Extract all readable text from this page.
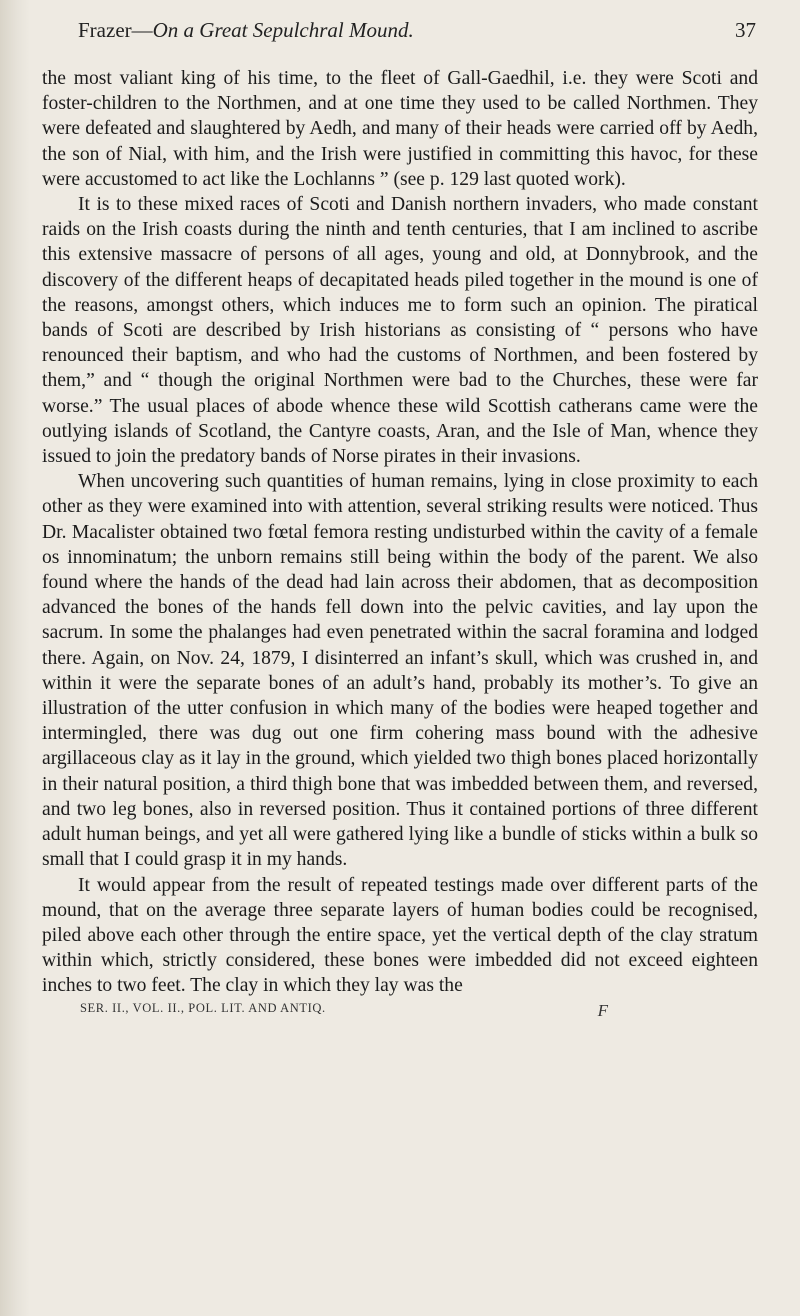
Frazer—On a Great Sepulchral Mound.	37

the most valiant king of his time, to the fleet of Gall-Gaedhil, i.e. they were Scoti and foster-children to the Northmen, and at one time they used to be called Northmen. They were defeated and slaughtered by Aedh, and many of their heads were carried off by Aedh, the son of Nial, with him, and the Irish were justified in committing this havoc, for these were accustomed to act like the Lochlanns ” (see p. 129 last quoted work).

It is to these mixed races of Scoti and Danish northern invaders, who made constant raids on the Irish coasts during the ninth and tenth centuries, that I am inclined to ascribe this extensive massacre of persons of all ages, young and old, at Donnybrook, and the discovery of the different heaps of decapitated heads piled together in the mound is one of the reasons, amongst others, which induces me to form such an opinion. The piratical bands of Scoti are described by Irish historians as consisting of “ persons who have renounced their baptism, and who had the customs of Northmen, and been fostered by them,” and “ though the original Northmen were bad to the Churches, these were far worse.” The usual places of abode whence these wild Scottish catherans came were the outlying islands of Scotland, the Cantyre coasts, Aran, and the Isle of Man, whence they issued to join the predatory bands of Norse pirates in their invasions.

When uncovering such quantities of human remains, lying in close proximity to each other as they were examined into with attention, several striking results were noticed. Thus Dr. Macalister obtained two fœtal femora resting undisturbed within the cavity of a female os innominatum; the unborn remains still being within the body of the parent. We also found where the hands of the dead had lain across their abdomen, that as decomposition advanced the bones of the hands fell down into the pelvic cavities, and lay upon the sacrum. In some the phalanges had even penetrated within the sacral foramina and lodged there. Again, on Nov. 24, 1879, I disinterred an infant’s skull, which was crushed in, and within it were the separate bones of an adult’s hand, probably its mother’s. To give an illustration of the utter confusion in which many of the bodies were heaped together and intermingled, there was dug out one firm cohering mass bound with the adhesive argillaceous clay as it lay in the ground, which yielded two thigh bones placed horizontally in their natural position, a third thigh bone that was imbedded between them, and reversed, and two leg bones, also in reversed position. Thus it contained portions of three different adult human beings, and yet all were gathered lying like a bundle of sticks within a bulk so small that I could grasp it in my hands.

It would appear from the result of repeated testings made over different parts of the mound, that on the average three separate layers of human bodies could be recognised, piled above each other through the entire space, yet the vertical depth of the clay stratum within which, strictly considered, these bones were imbedded did not exceed eighteen inches to two feet. The clay in which they lay was the

SER. II., VOL. II., POL. LIT. AND ANTIQ.	F
